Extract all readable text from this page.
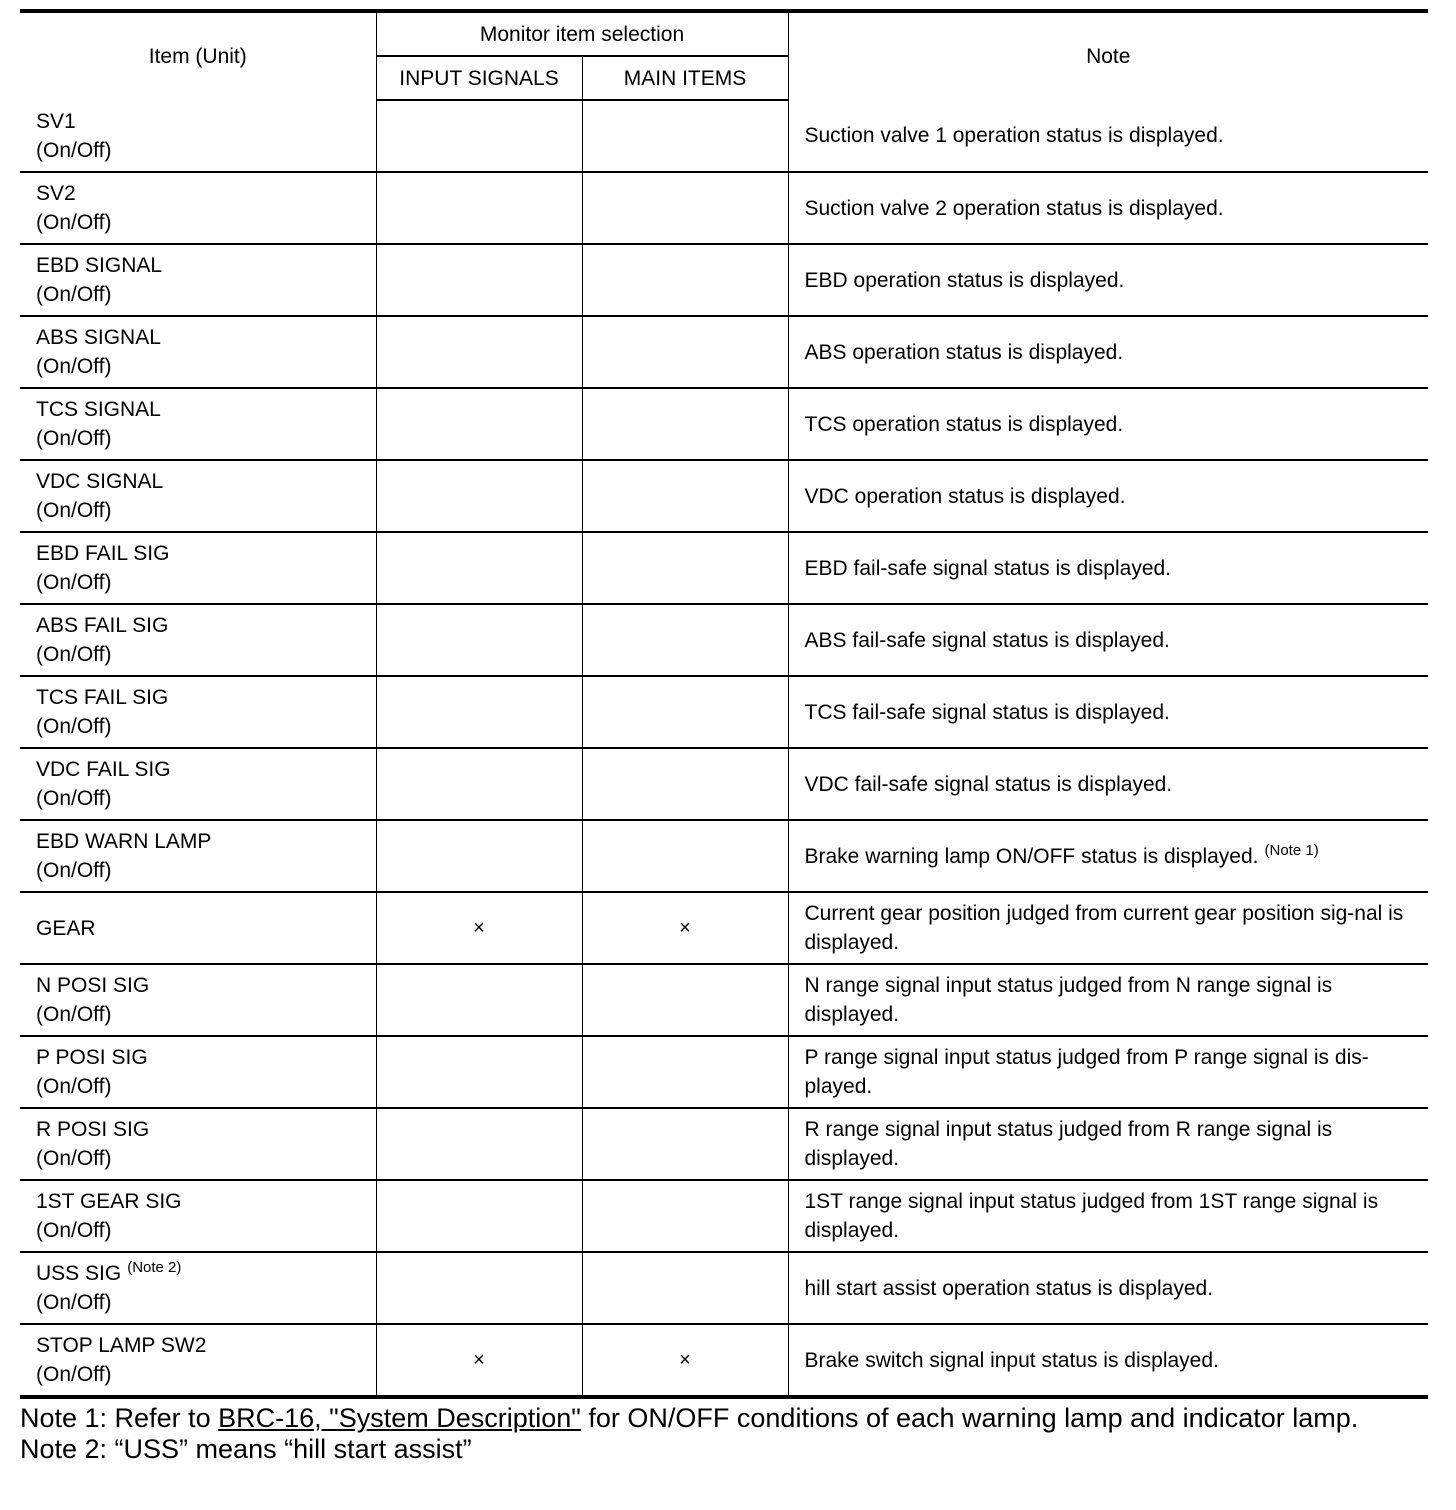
Item (Unit)	Monitor item selection		Note
	INPUT SIGNALS	MAIN ITEMS	

SV1
(On/Off)			Suction valve 1 operation status is displayed.

SV2
(On/Off)			Suction valve 2 operation status is displayed.

EBD SIGNAL
(On/Off)			EBD operation status is displayed.

ABS SIGNAL
(On/Off)			ABS operation status is displayed.

TCS SIGNAL
(On/Off)			TCS operation status is displayed.

VDC SIGNAL
(On/Off)			VDC operation status is displayed.

EBD FAIL SIG
(On/Off)			EBD fail-safe signal status is displayed.

ABS FAIL SIG
(On/Off)			ABS fail-safe signal status is displayed.

TCS FAIL SIG
(On/Off)			TCS fail-safe signal status is displayed.

VDC FAIL SIG
(On/Off)			VDC fail-safe signal status is displayed.

EBD WARN LAMP
(On/Off)			Brake warning lamp ON/OFF status is displayed. $^{(Note 1)}$

GEAR	×	×	Current gear position judged from current gear position sig-nal is displayed.

N POSI SIG
(On/Off)			N range signal input status judged from N range signal is displayed.

P POSI SIG
(On/Off)			P range signal input status judged from P range signal is dis-played.

R POSI SIG
(On/Off)			R range signal input status judged from R range signal is displayed.

1ST GEAR SIG
(On/Off)			1ST range signal input status judged from 1ST range signal is displayed.

USS SIG $^{(Note 2)}$
(On/Off)			hill start assist operation status is displayed.

STOP LAMP SW2
(On/Off)	×	×	Brake switch signal input status is displayed.

Note 1: Refer to BRC-16, "System Description" for ON/OFF conditions of each warning lamp and indicator lamp.

Note 2: “USS” means “hill start assist”
